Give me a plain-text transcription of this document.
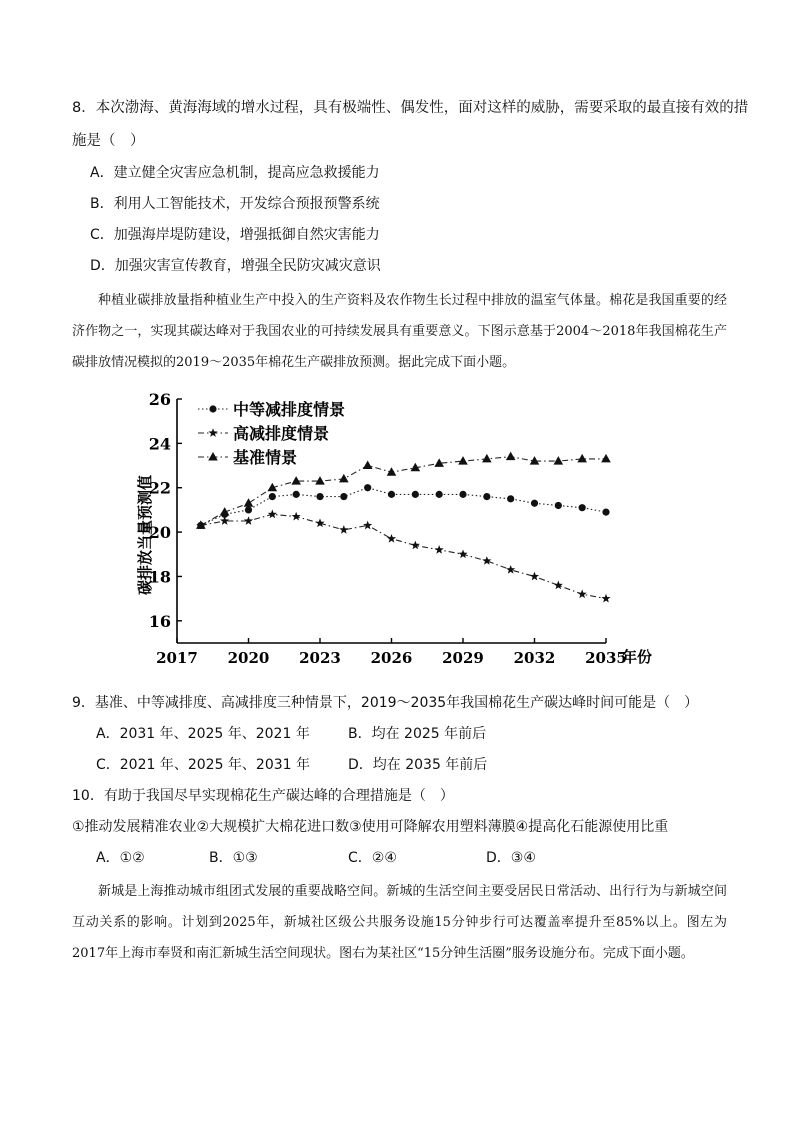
8．本次渤海、黄海海域的增水过程，具有极端性、偶发性，面对这样的威胁，需要采取的最直接有效的措
施是（　）
A．建立健全灾害应急机制，提高应急救援能力
B．利用人工智能技术，开发综合预报预警系统
C．加强海岸堤防建设，增强抵御自然灾害能力
D．加强灾害宣传教育，增强全民防灾减灾意识
种植业碳排放量指种植业生产中投入的生产资料及农作物生长过程中排放的温室气体量。棉花是我国重要的经济作物之一，实现其碳达峰对于我国农业的可持续发展具有重要意义。下图示意基于2004～2018年我国棉花生产碳排放情况模拟的2019～2035年棉花生产碳排放预测。据此完成下面小题。
16
18
20
22
24
26
2017 2020 2023 2026 2029 2032 2035
中等减排度情景
高减排度情景
基准情景
碳排放当量预测值
年份
9．基准、中等减排度、高减排度三种情景下，2019～2035年我国棉花生产碳达峰时间可能是（　）
A．2031 年、2025 年、2021 年	B．均在 2025 年前后
C．2021 年、2025 年、2031 年	D．均在 2035 年前后
10．有助于我国尽早实现棉花生产碳达峰的合理措施是（　）
①推动发展精准农业②大规模扩大棉花进口数③使用可降解农用塑料薄膜④提高化石能源使用比重
A．①②	B．①③	C．②④	D．③④
新城是上海推动城市组团式发展的重要战略空间。新城的生活空间主要受居民日常活动、出行行为与新城空间互动关系的影响。计划到2025年，新城社区级公共服务设施15分钟步行可达覆盖率提升至85%以上。图左为2017年上海市奉贤和南汇新城生活空间现状。图右为某社区“15分钟生活圈”服务设施分布。完成下面小题。
